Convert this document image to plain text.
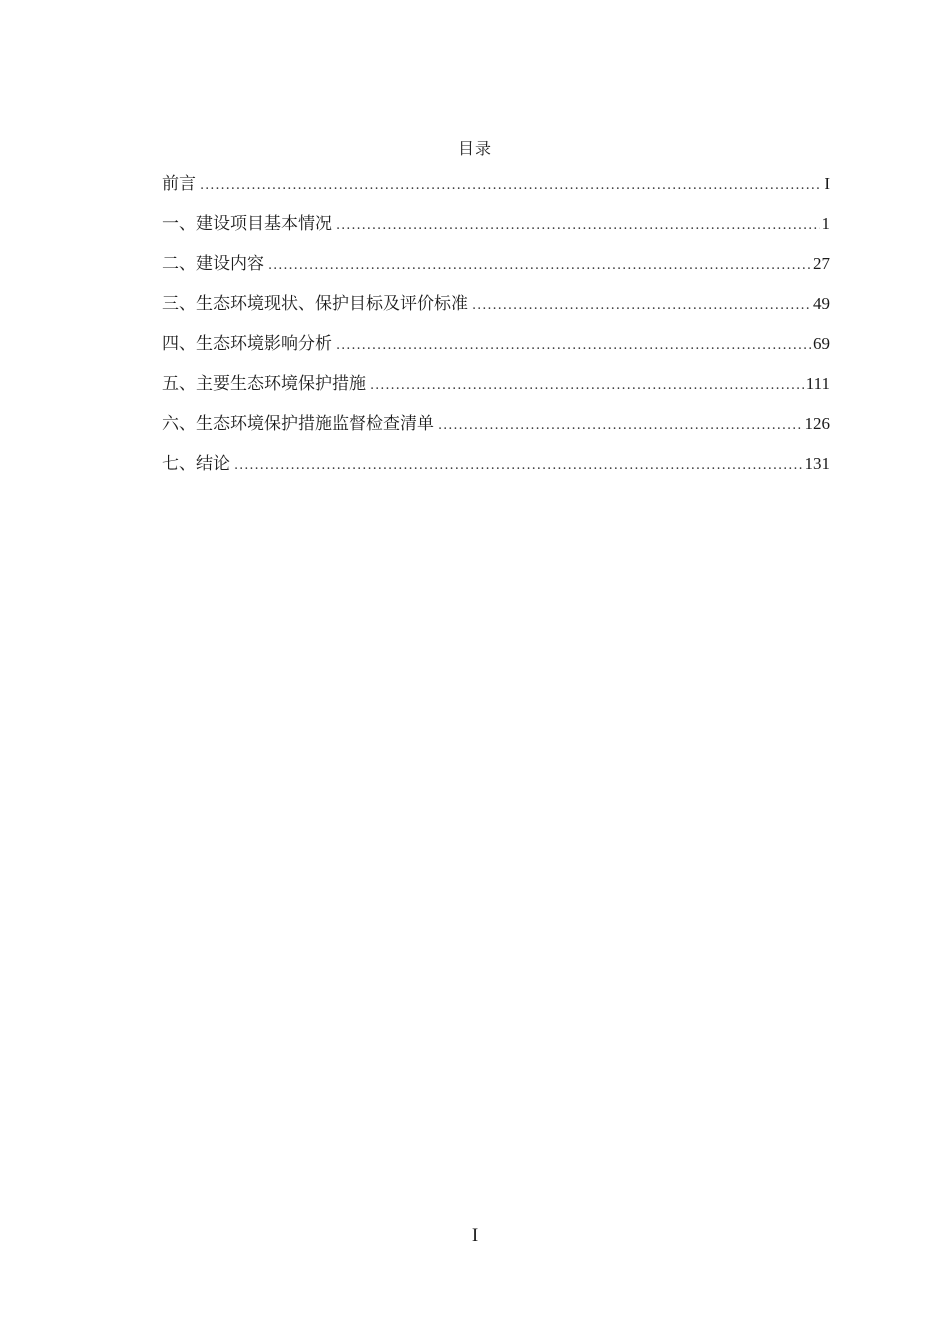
目录
前言 .....	I
一、建设项目基本情况 .....	1
二、建设内容 .....	27
三、生态环境现状、保护目标及评价标准 .....	49
四、生态环境影响分析 .....	69
五、主要生态环境保护措施 .....	111
六、生态环境保护措施监督检查清单 .....	126
七、结论 .....	131
I
